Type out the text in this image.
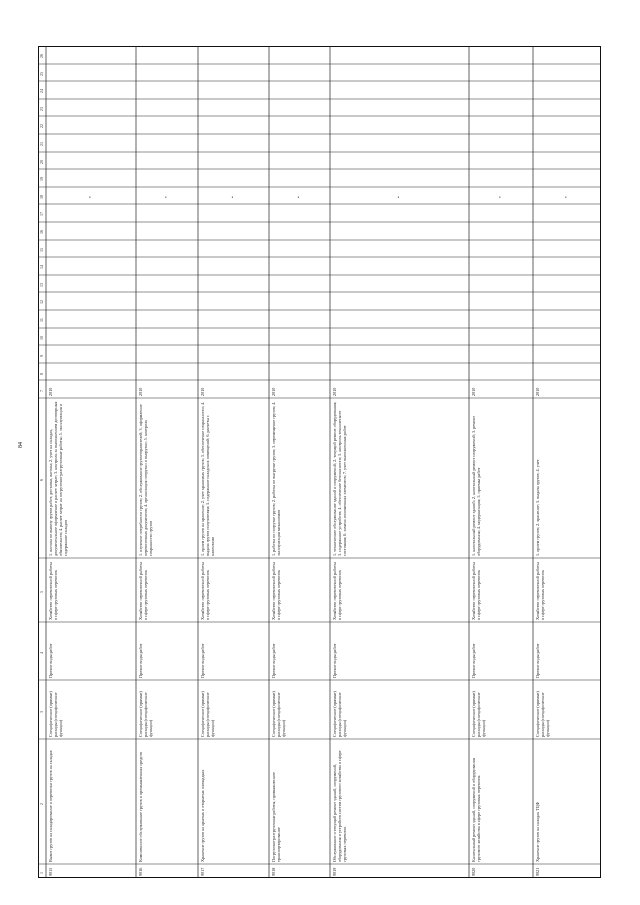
84
1
2
3
4
5
6
7
8
9
10
11
12
13
14
15
16
17
18
19
20
21
22
23
24
25
26
9015
Вывоз грузов на складирование и перевозки грузов на складах
Специфические (прямые) расходы (специфические функции)
Прочие виды работ
Хозяйство перевозочной работы в сфере грузовых перевозок
1. вагоны по вывозу грузов работ, доставки, вагоны; 2. учет на складах, документальное оформление и расчет затрат; 3. контроль за выполнением договорных обязательств; 4. расчет затрат на погрузочно-разгрузочные работы; 5. эксплуатация и содержание складов
2010
•
9016
Комплексное обслуживание грузов и промышленных средств
Специфические (прямые) расходы (специфические функции)
Прочие виды работ
Хозяйство перевозочной работы в сфере грузовых перевозок
1. изучение потребности грузов; 2. обслуживание грузоотправителей; 3. оформление перевозочных документов; 4. организация погрузки и выгрузки; 5. контроль сохранности грузов
2010
•
9017
Хранение грузов на крытых и открытых площадках
Специфические (прямые) расходы (специфические функции)
Прочие виды работ
Хозяйство перевозочной работы в сфере грузовых перевозок
1. прием грузов на хранение; 2. учет хранимых грузов; 3. обеспечение сохранности; 4. выдача грузов получателям; 5. содержание складских помещений; 6. расчеты с клиентами
2010
•
9018
Погрузочно-разгрузочные работы, промышленное транспортирование
Специфические (прямые) расходы (специфические функции)
Прочие виды работ
Хозяйство перевозочной работы в сфере грузовых перевозок
1. работы по погрузке грузов; 2. работы по выгрузке грузов; 3. перемещение грузов; 4. эксплуатация механизмов
2010
•
9019
Обслуживание и текущий ремонт зданий, сооружений, оборудования и устройств систем грузового хозяйства в сфере грузовых перевозок
Специфические (прямые) расходы (специфические функции)
Прочие виды работ
Хозяйство перевозочной работы в сфере грузовых перевозок
1. техническое обслуживание зданий и сооружений; 2. текущий ремонт оборудования; 3. содержание устройств; 4. обеспечение безопасности; 5. контроль технического состояния; 6. замена изношенных элементов; 7. учет выполненных работ
2010
•
9020
Капитальный ремонт зданий, сооружений и оборудования грузового хозяйства в сфере грузовых перевозок
Специфические (прямые) расходы (специфические функции)
Прочие виды работ
Хозяйство перевозочной работы в сфере грузовых перевозок
1. капитальный ремонт зданий; 2. капитальный ремонт сооружений; 3. ремонт оборудования; 4. модернизация; 5. приемка работ
2010
•
9021
Хранение грузов на складах ТЦФ
Специфические (прямые) расходы (специфические функции)
Прочие виды работ
Хозяйство перевозочной работы в сфере грузовых перевозок
1. прием грузов; 2. хранение; 3. выдача грузов; 4. учет
2010
•
